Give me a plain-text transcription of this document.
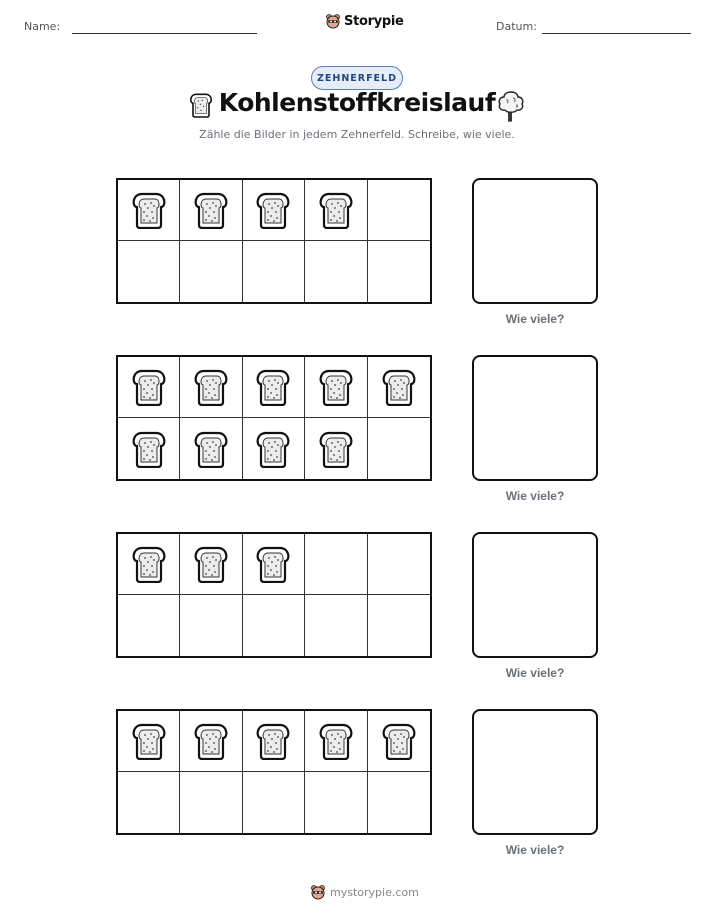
Name:	Storypie	Datum:
ZEHNERFELD
Kohlenstoffkreislauf
Zähle die Bilder in jedem Zehnerfeld. Schreibe, wie viele.
Wie viele?
Wie viele?
Wie viele?
Wie viele?
mystorypie.com
